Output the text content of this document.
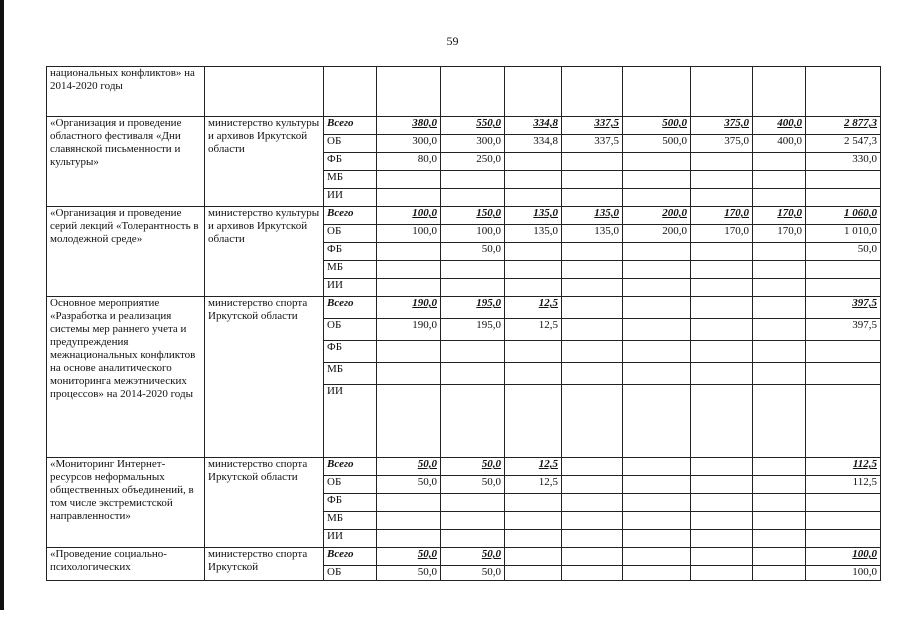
59
национальных конфликтов» на 2014-2020 годы										
«Организация и проведение областного фестиваля «Дни славянской письменности и культуры»	министерство культуры и архивов Иркутской области	Всего	380,0	550,0	334,8	337,5	500,0	375,0	400,0	2 877,3
		ОБ	300,0	300,0	334,8	337,5	500,0	375,0	400,0	2 547,3
		ФБ	80,0	250,0						330,0
		МБ								
		ИИ								
«Организация и проведение серий лекций «Толерантность в молодежной среде»	министерство культуры и архивов Иркутской области	Всего	100,0	150,0	135,0	135,0	200,0	170,0	170,0	1 060,0
		ОБ	100,0	100,0	135,0	135,0	200,0	170,0	170,0	1 010,0
		ФБ		50,0						50,0
		МБ								
		ИИ								
Основное мероприятие «Разработка и реализация системы мер раннего учета и предупреждения межнациональных конфликтов на основе аналитического мониторинга межэтнических процессов» на 2014-2020 годы	министерство спорта Иркутской области	Всего	190,0	195,0	12,5					397,5
		ОБ	190,0	195,0	12,5					397,5
		ФБ								
		МБ								
		ИИ								
«Мониторинг Интернет-ресурсов неформальных общественных объединений, в том числе экстремистской направленности»	министерство спорта Иркутской области	Всего	50,0	50,0	12,5					112,5
		ОБ	50,0	50,0	12,5					112,5
		ФБ								
		МБ								
		ИИ								
«Проведение социально-психологических	министерство спорта Иркутской	Всего	50,0	50,0						100,0
		ОБ	50,0	50,0						100,0
